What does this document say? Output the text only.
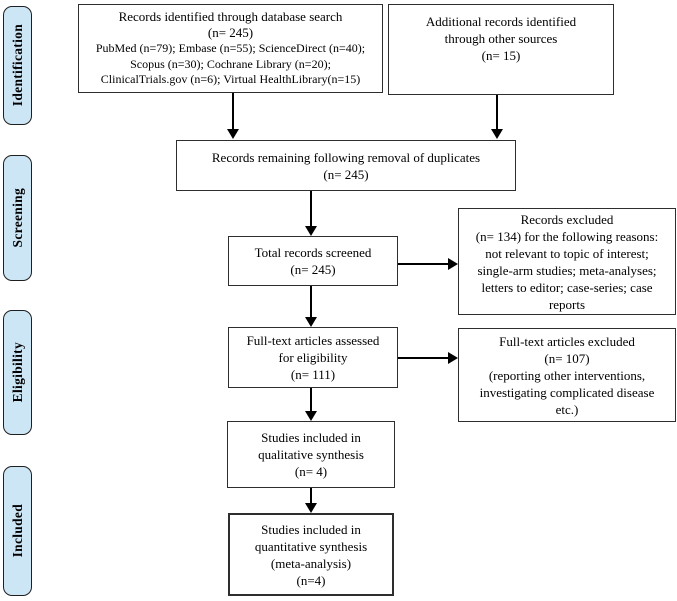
Identification
Screening
Eligibility
Included
Records identified through database search
(n= 245)
PubMed (n=79); Embase (n=55); ScienceDirect (n=40);
Scopus (n=30); Cochrane Library (n=20);
ClinicalTrials.gov (n=6); Virtual HealthLibrary(n=15)
Additional records identified
through other sources
(n= 15)
Records remaining following removal of duplicates
(n= 245)
Total records screened
(n= 245)
Records excluded
(n= 134) for the following reasons:
not relevant to topic of interest;
single-arm studies; meta-analyses;
letters to editor; case-series; case
reports
Full-text articles assessed
for eligibility
(n= 111)
Full-text articles excluded
(n= 107)
(reporting other interventions,
investigating complicated disease
etc.)
Studies included in
qualitative synthesis
(n= 4)
Studies included in
quantitative synthesis
(meta-analysis)
(n=4)
